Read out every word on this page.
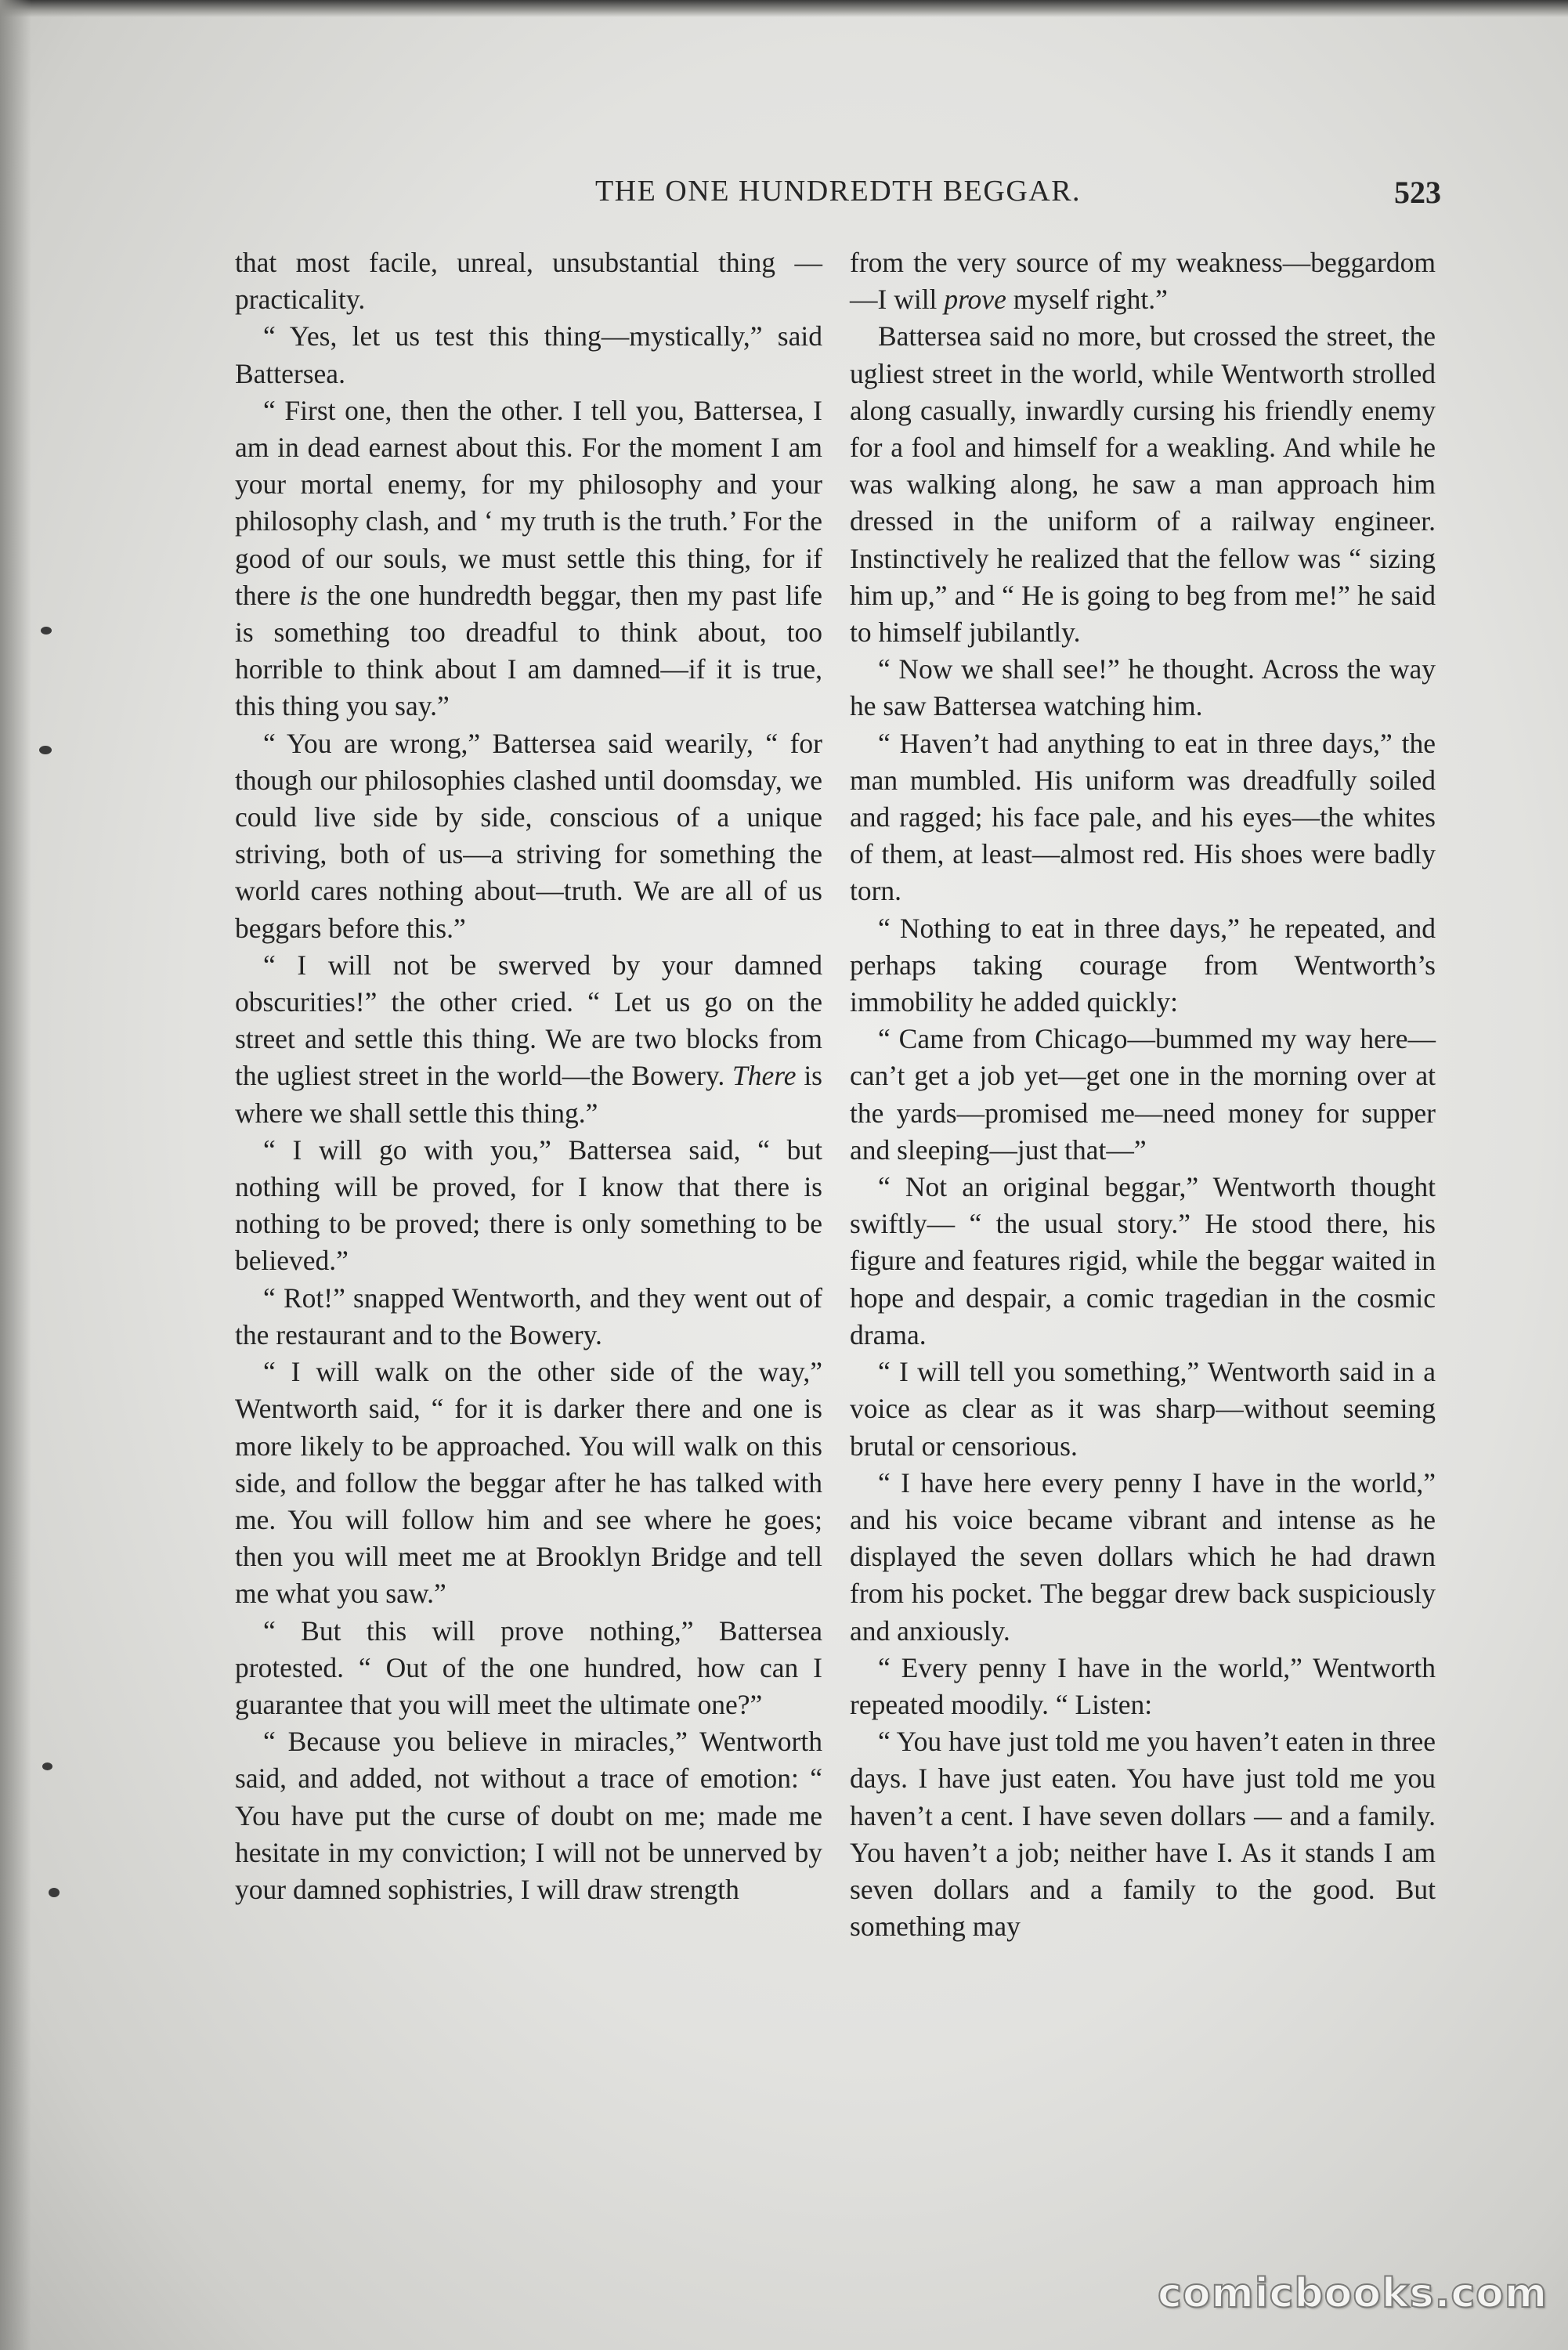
THE ONE HUNDREDTH BEGGAR.	523

that most facile, unreal, unsubstantial thing —practicality.

“ Yes, let us test this thing—mystically,” said Battersea.

“ First one, then the other. I tell you, Battersea, I am in dead earnest about this. For the moment I am your mortal enemy, for my philosophy and your philosophy clash, and ‘ my truth is the truth.’ For the good of our souls, we must settle this thing, for if there is the one hundredth beggar, then my past life is something too dreadful to think about, too horrible to think about I am damned—if it is true, this thing you say.”

“ You are wrong,” Battersea said wearily, “ for though our philosophies clashed until doomsday, we could live side by side, conscious of a unique striving, both of us—a striving for something the world cares nothing about—truth. We are all of us beggars before this.”

“ I will not be swerved by your damned obscurities!” the other cried. “ Let us go on the street and settle this thing. We are two blocks from the ugliest street in the world—the Bowery. There is where we shall settle this thing.”

“ I will go with you,” Battersea said, “ but nothing will be proved, for I know that there is nothing to be proved; there is only something to be believed.”

“ Rot!” snapped Wentworth, and they went out of the restaurant and to the Bowery.

“ I will walk on the other side of the way,” Wentworth said, “ for it is darker there and one is more likely to be approached. You will walk on this side, and follow the beggar after he has talked with me. You will follow him and see where he goes; then you will meet me at Brooklyn Bridge and tell me what you saw.”

“ But this will prove nothing,” Battersea protested. “ Out of the one hundred, how can I guarantee that you will meet the ultimate one?”

“ Because you believe in miracles,” Wentworth said, and added, not without a trace of emotion: “ You have put the curse of doubt on me; made me hesitate in my conviction; I will not be unnerved by your damned sophistries, I will draw strength

from the very source of my weakness—beggardom—I will prove myself right.”

Battersea said no more, but crossed the street, the ugliest street in the world, while Wentworth strolled along casually, inwardly cursing his friendly enemy for a fool and himself for a weakling. And while he was walking along, he saw a man approach him dressed in the uniform of a railway engineer. Instinctively he realized that the fellow was “ sizing him up,” and “ He is going to beg from me!” he said to himself jubilantly.

“ Now we shall see!” he thought. Across the way he saw Battersea watching him.

“ Haven’t had anything to eat in three days,” the man mumbled. His uniform was dreadfully soiled and ragged; his face pale, and his eyes—the whites of them, at least—almost red. His shoes were badly torn.

“ Nothing to eat in three days,” he repeated, and perhaps taking courage from Wentworth’s immobility he added quickly:

“ Came from Chicago—bummed my way here—can’t get a job yet—get one in the morning over at the yards—promised me—need money for supper and sleeping—just that—”

“ Not an original beggar,” Wentworth thought swiftly— “ the usual story.” He stood there, his figure and features rigid, while the beggar waited in hope and despair, a comic tragedian in the cosmic drama.

“ I will tell you something,” Wentworth said in a voice as clear as it was sharp—without seeming brutal or censorious.

“ I have here every penny I have in the world,” and his voice became vibrant and intense as he displayed the seven dollars which he had drawn from his pocket. The beggar drew back suspiciously and anxiously.

“ Every penny I have in the world,” Wentworth repeated moodily. “ Listen:

“ You have just told me you haven’t eaten in three days. I have just eaten. You have just told me you haven’t a cent. I have seven dollars — and a family. You haven’t a job; neither have I. As it stands I am seven dollars and a family to the good. But something may

comicbooks.com
